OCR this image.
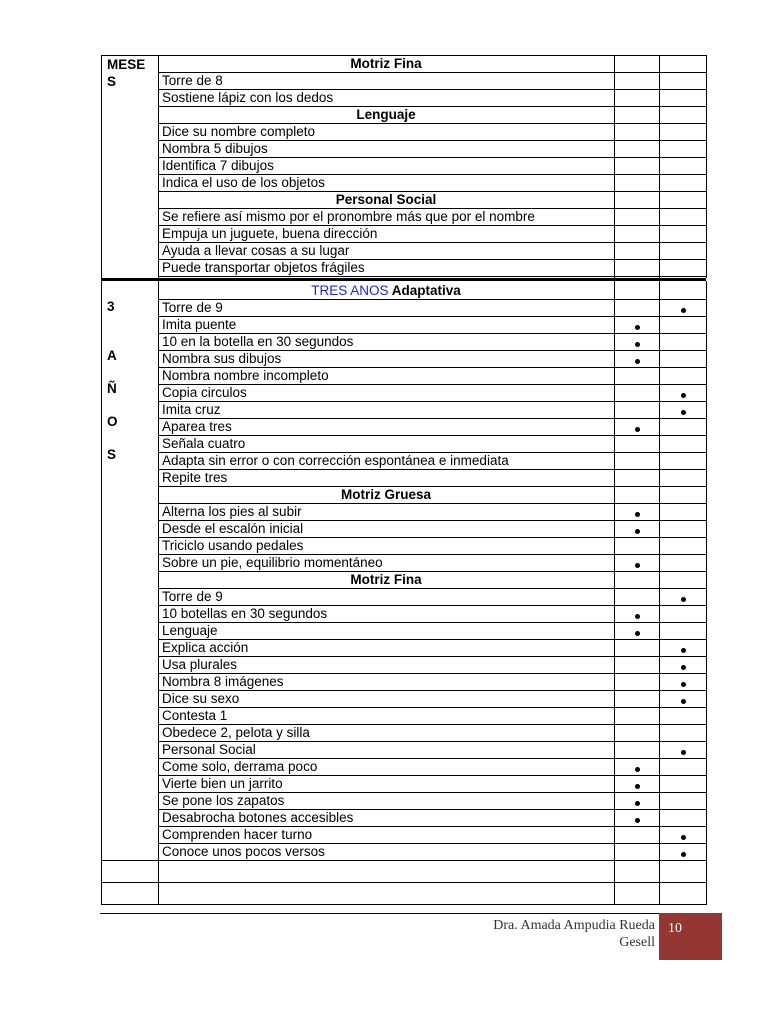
Motriz Fina
Torre de 8
Sostiene lápiz con los dedos
Lenguaje
Dice su nombre completo
Nombra 5 dibujos
Identifica 7 dibujos
Indica el uso de los objetos
Personal Social
Se refiere así mismo por el pronombre más que por el nombre
Empuja un juguete, buena dirección
Ayuda a llevar cosas a su lugar
Puede transportar objetos frágiles
TRES ANOS Adaptativa
Torre de 9
Imita puente
10 en la botella en 30 segundos
Nombra sus dibujos
Nombra nombre incompleto
Copia circulos
Imita cruz
Aparea tres
Señala cuatro
Adapta sin error o con corrección espontánea e inmediata
Repite tres
Motriz Gruesa
Alterna los pies al subir
Desde el escalón inicial
Triciclo usando pedales
Sobre un pie, equilibrio momentáneo
Motriz Fina
Torre de 9
10 botellas en 30 segundos
Lenguaje
Explica acción
Usa plurales
Nombra 8 imágenes
Dice su sexo
Contesta 1
Obedece 2, pelota y silla
Personal Social
Come solo, derrama poco
Vierte bien un jarrito
Se pone los zapatos
Desabrocha botones accesibles
Comprenden hacer turno
Conoce unos pocos versos
MESE
S
3
A
Ñ
O
S
Dra. Amada Ampudia Rueda
Gesell
10
